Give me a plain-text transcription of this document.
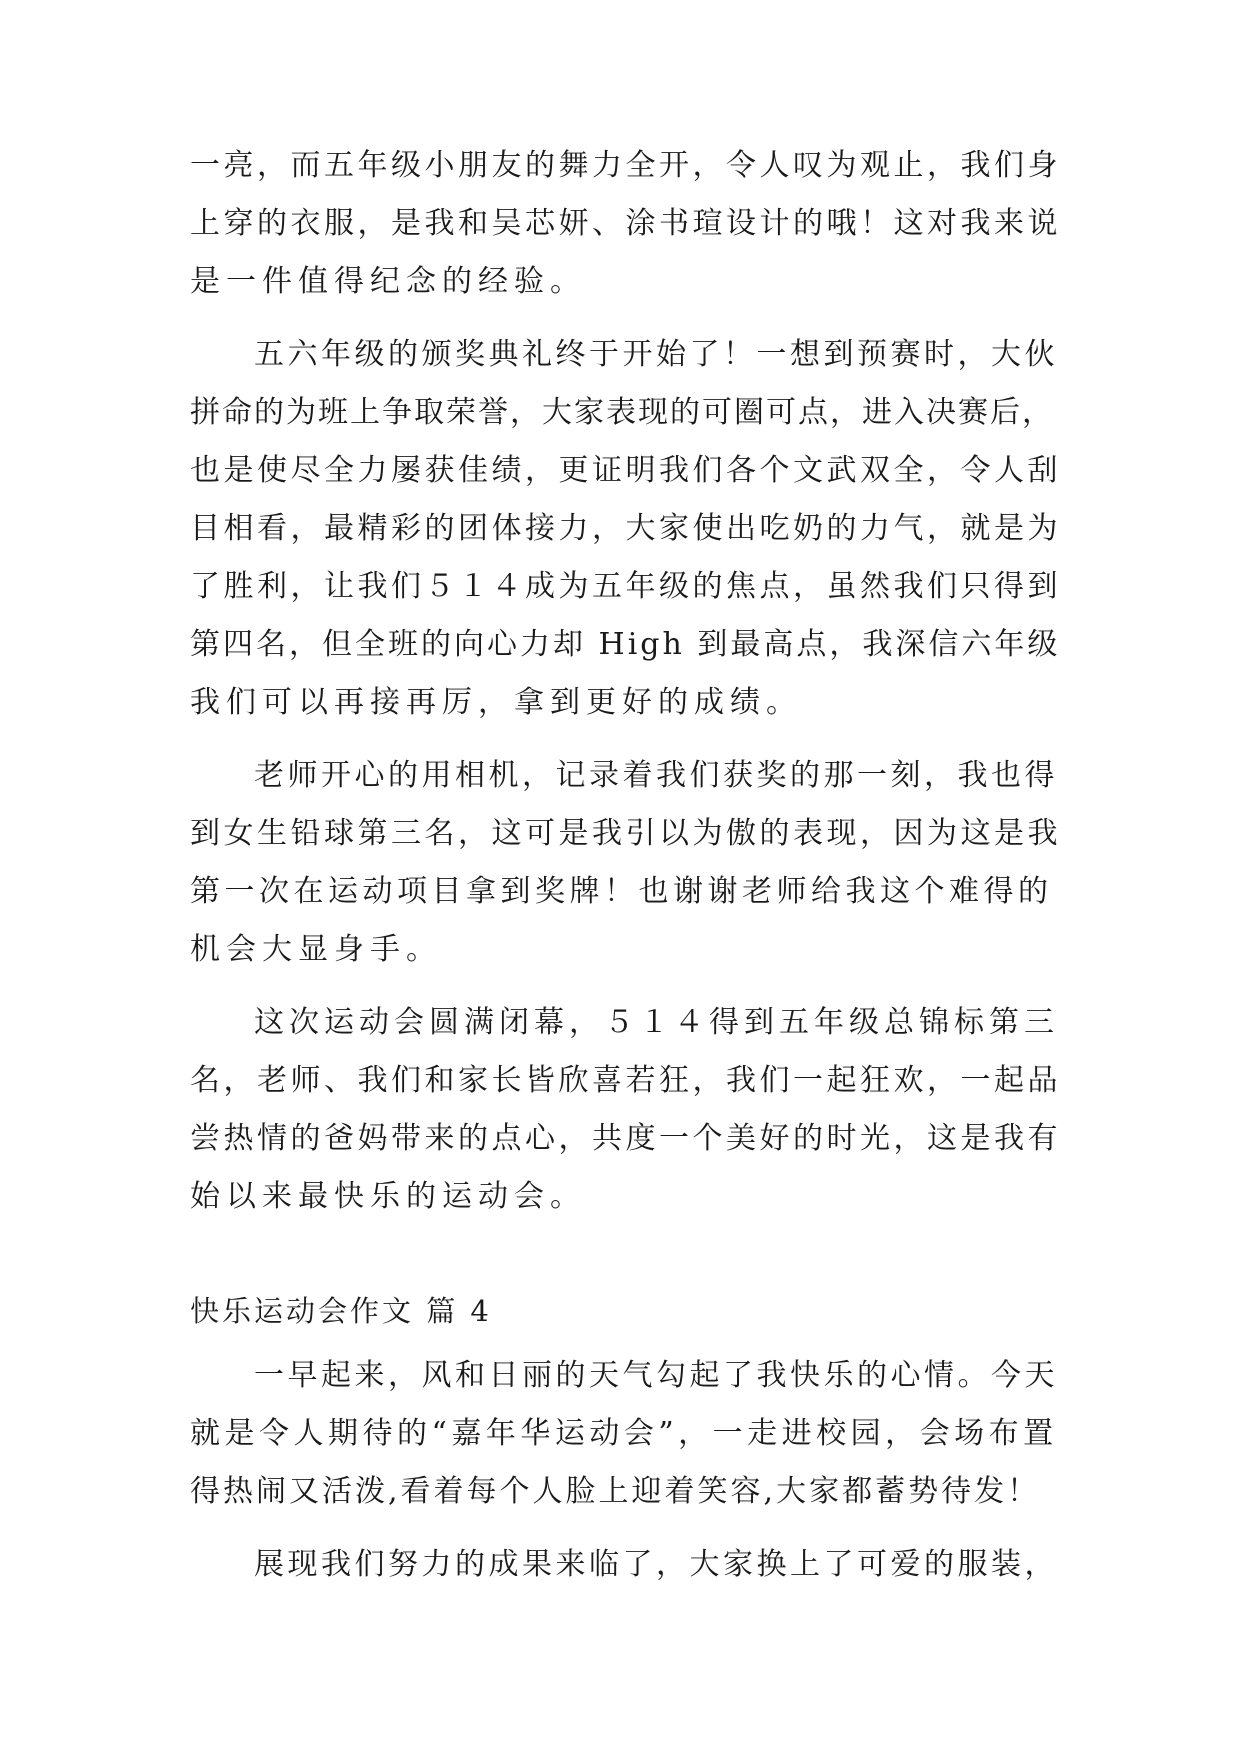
一亮，而五年级小朋友的舞力全开，令人叹为观止，我们身
上穿的衣服，是我和吴芯妍、涂书瑄设计的哦！这对我来说
是一件值得纪念的经验。
五六年级的颁奖典礼终于开始了！一想到预赛时，大伙
拼命的为班上争取荣誉，大家表现的可圈可点，进入决赛后，
也是使尽全力屡获佳绩，更证明我们各个文武双全，令人刮
目相看，最精彩的团体接力，大家使出吃奶的力气，就是为
了胜利，让我们５１４成为五年级的焦点，虽然我们只得到
第四名，但全班的向心力却 High 到最高点，我深信六年级
我们可以再接再厉，拿到更好的成绩。
老师开心的用相机，记录着我们获奖的那一刻，我也得
到女生铅球第三名，这可是我引以为傲的表现，因为这是我
第一次在运动项目拿到奖牌！也谢谢老师给我这个难得的
机会大显身手。
这次运动会圆满闭幕，５１４得到五年级总锦标第三
名，老师、我们和家长皆欣喜若狂，我们一起狂欢，一起品
尝热情的爸妈带来的点心，共度一个美好的时光，这是我有
始以来最快乐的运动会。
快乐运动会作文 篇 4
一早起来，风和日丽的天气勾起了我快乐的心情。今天
就是令人期待的“嘉年华运动会”，一走进校园，会场布置
得热闹又活泼,看着每个人脸上迎着笑容,大家都蓄势待发！
展现我们努力的成果来临了，大家换上了可爱的服装，
